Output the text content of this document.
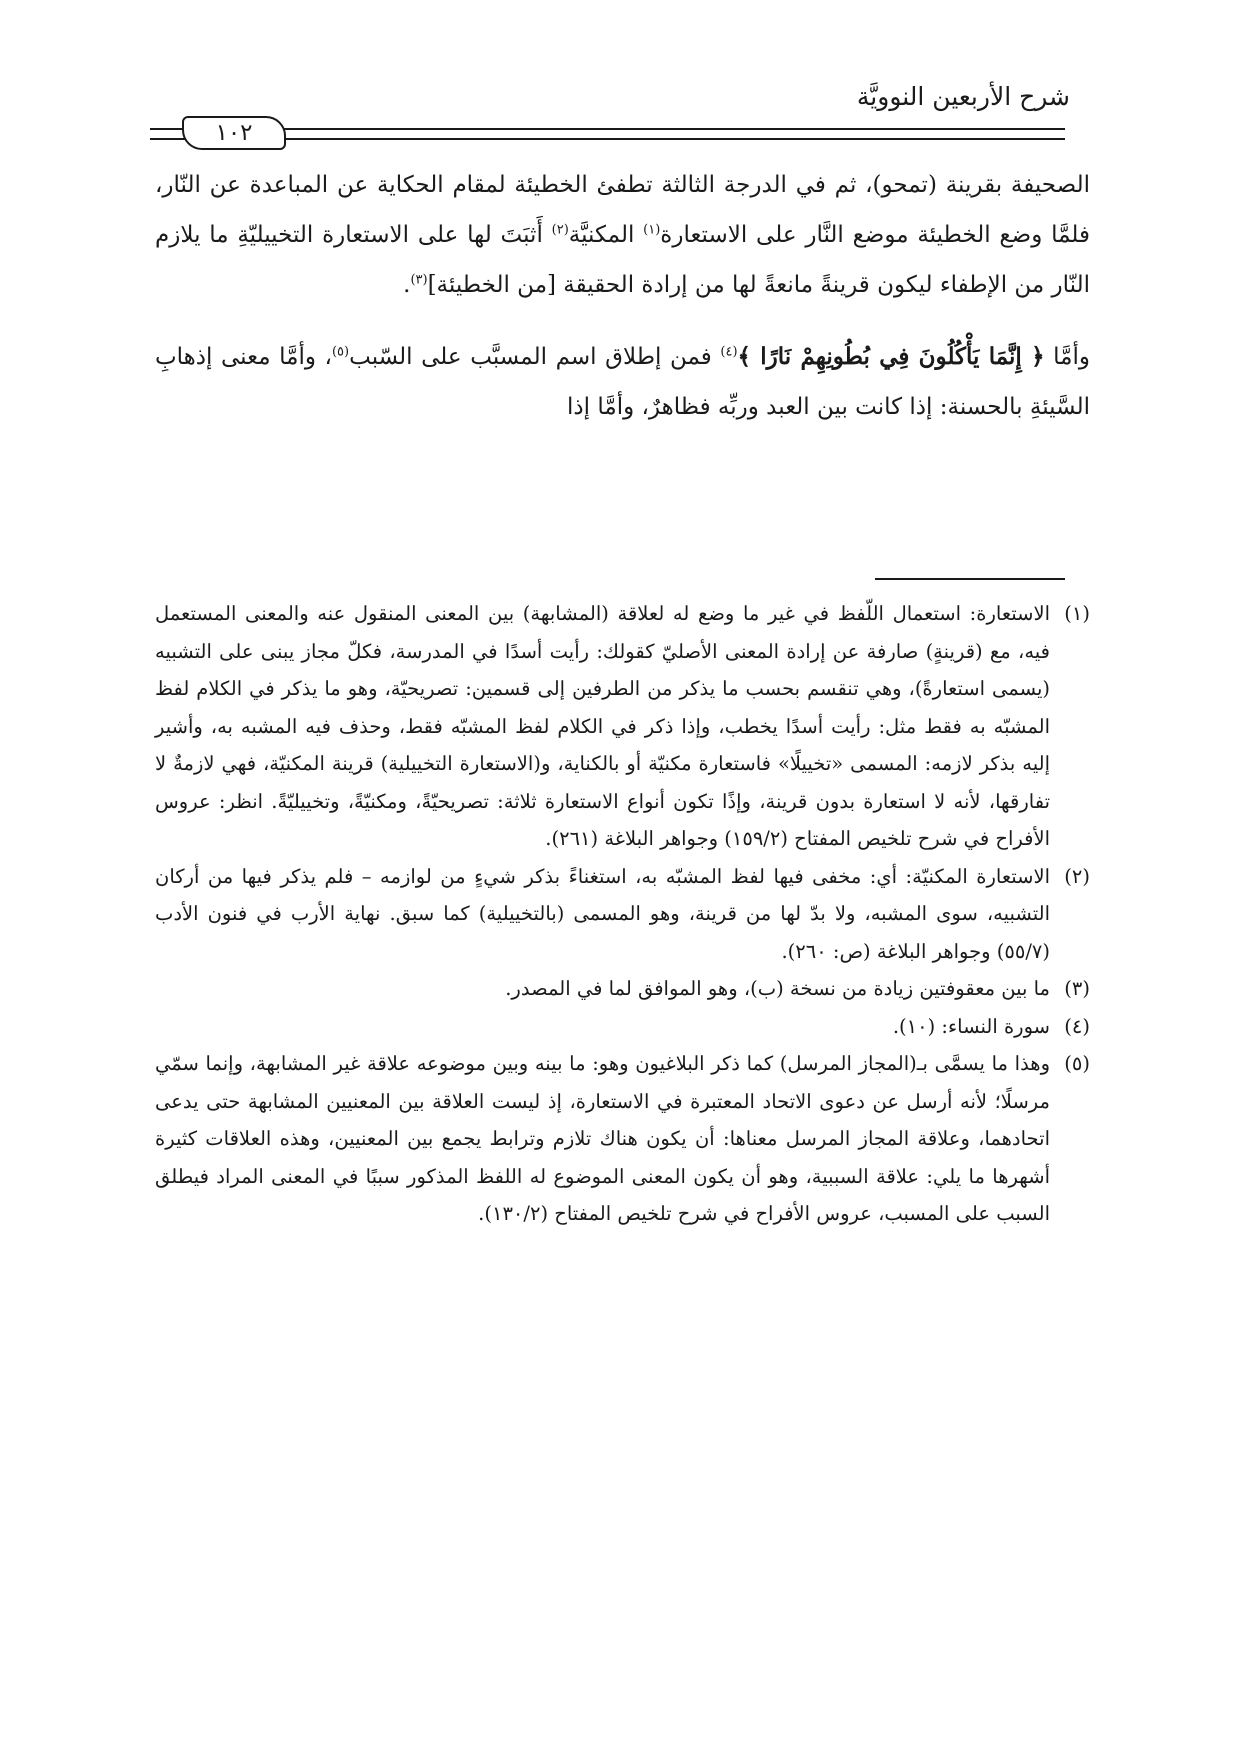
شرح الأربعين النوويَّة
١٠٢

الصحيفة بقرينة (تمحو)، ثم في الدرجة الثالثة تطفئ الخطيئة لمقام الحكاية عن المباعدة عن النّار، فلمَّا وضع الخطيئة موضع النَّار على الاستعارة$^{(١)}$ المكنيَّة$^{(٢)}$ أَثبَتَ لها على الاستعارة التخييليّةِ ما يلازم النّار من الإطفاء ليكون قرينةً مانعةً لها من إرادة الحقيقة [من الخطيئة]$^{(٣)}$.

وأمَّا ﴿ إِنَّمَا يَأْكُلُونَ فِي بُطُونِهِمْ نَارًا ﴾$^{(٤)}$ فمن إطلاق اسم المسبَّب على السّبب$^{(٥)}$، وأمَّا معنى إذهابِ السَّيئةِ بالحسنة: إذا كانت بين العبد وربِّه فظاهرٌ، وأمَّا إذا

(١)
الاستعارة: استعمال اللّفظ في غير ما وضع له لعلاقة (المشابهة) بين المعنى المنقول عنه والمعنى المستعمل فيه، مع (قرينةٍ) صارفة عن إرادة المعنى الأصليّ كقولك: رأيت أسدًا في المدرسة، فكلّ مجاز يبنى على التشبيه (يسمى استعارةً)، وهي تنقسم بحسب ما يذكر من الطرفين إلى قسمين: تصريحيّة، وهو ما يذكر في الكلام لفظ المشبّه به فقط مثل: رأيت أسدًا يخطب، وإذا ذكر في الكلام لفظ المشبّه فقط، وحذف فيه المشبه به، وأشير إليه بذكر لازمه: المسمى «تخييلًا» فاستعارة مكنيّة أو بالكناية، و(الاستعارة التخييلية) قرينة المكنيّة، فهي لازمةٌ لا تفارقها، لأنه لا استعارة بدون قرينة، وإذًا تكون أنواع الاستعارة ثلاثة: تصريحيّةً، ومكنيّةً، وتخييليّةً. انظر: عروس الأفراح في شرح تلخيص المفتاح (١٥٩/٢) وجواهر البلاغة (٢٦١).
(٢)
الاستعارة المكنيّة: أي: مخفى فيها لفظ المشبّه به، استغناءً بذكر شيءٍ من لوازمه – فلم يذكر فيها من أركان التشبيه، سوى المشبه، ولا بدّ لها من قرينة، وهو المسمى (بالتخييلية) كما سبق. نهاية الأرب في فنون الأدب (٥٥/٧) وجواهر البلاغة (ص: ٢٦٠).
(٣)
ما بين معقوفتين زيادة من نسخة (ب)، وهو الموافق لما في المصدر.
(٤)
سورة النساء: (١٠).
(٥)
وهذا ما يسمَّى بـ(المجاز المرسل) كما ذكر البلاغيون وهو: ما بينه وبين موضوعه علاقة غير المشابهة، وإنما سمّي مرسلًا؛ لأنه أرسل عن دعوى الاتحاد المعتبرة في الاستعارة، إذ ليست العلاقة بين المعنيين المشابهة حتى يدعى اتحادهما، وعلاقة المجاز المرسل معناها: أن يكون هناك تلازم وترابط يجمع بين المعنيين، وهذه العلاقات كثيرة أشهرها ما يلي: علاقة السببية، وهو أن يكون المعنى الموضوع له اللفظ المذكور سببًا في المعنى المراد فيطلق السبب على المسبب، عروس الأفراح في شرح تلخيص المفتاح (١٣٠/٢).
